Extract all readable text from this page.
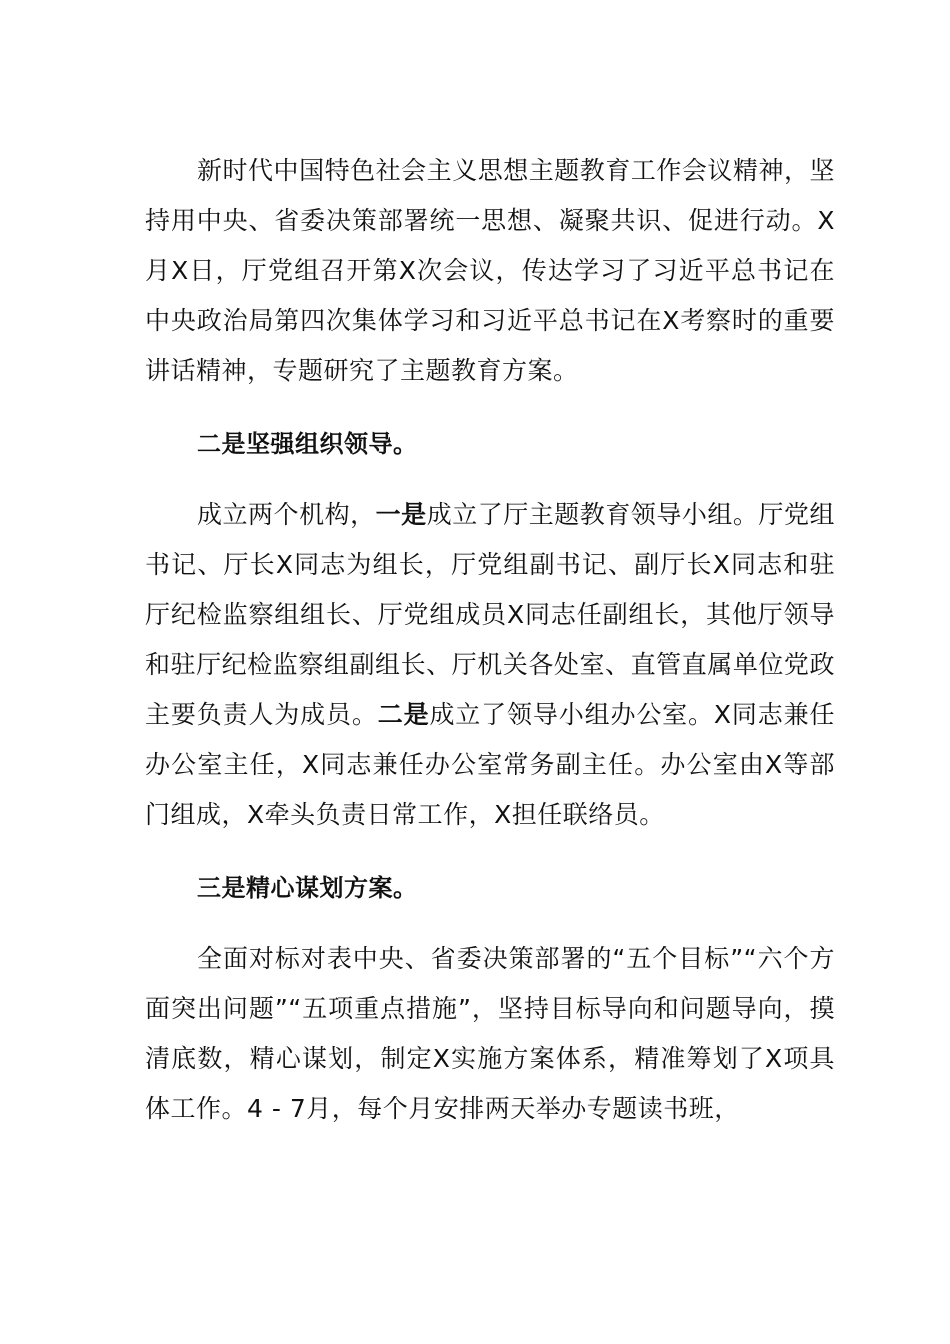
新时代中国特色社会主义思想主题教育工作会议精神，坚持用中央、省委决策部署统一思想、凝聚共识、促进行动。X月X日，厅党组召开第X次会议，传达学习了习近平总书记在中央政治局第四次集体学习和习近平总书记在X考察时的重要讲话精神，专题研究了主题教育方案。

二是坚强组织领导。

成立两个机构，一是成立了厅主题教育领导小组。厅党组书记、厅长X同志为组长，厅党组副书记、副厅长X同志和驻厅纪检监察组组长、厅党组成员X同志任副组长，其他厅领导和驻厅纪检监察组副组长、厅机关各处室、直管直属单位党政主要负责人为成员。二是成立了领导小组办公室。X同志兼任办公室主任，X同志兼任办公室常务副主任。办公室由X等部门组成，X牵头负责日常工作，X担任联络员。

三是精心谋划方案。

全面对标对表中央、省委决策部署的“五个目标”“六个方面突出问题”“五项重点措施”，坚持目标导向和问题导向，摸清底数，精心谋划，制定X实施方案体系，精准筹划了X项具体工作。4 - 7月，每个月安排两天举办专题读书班，
